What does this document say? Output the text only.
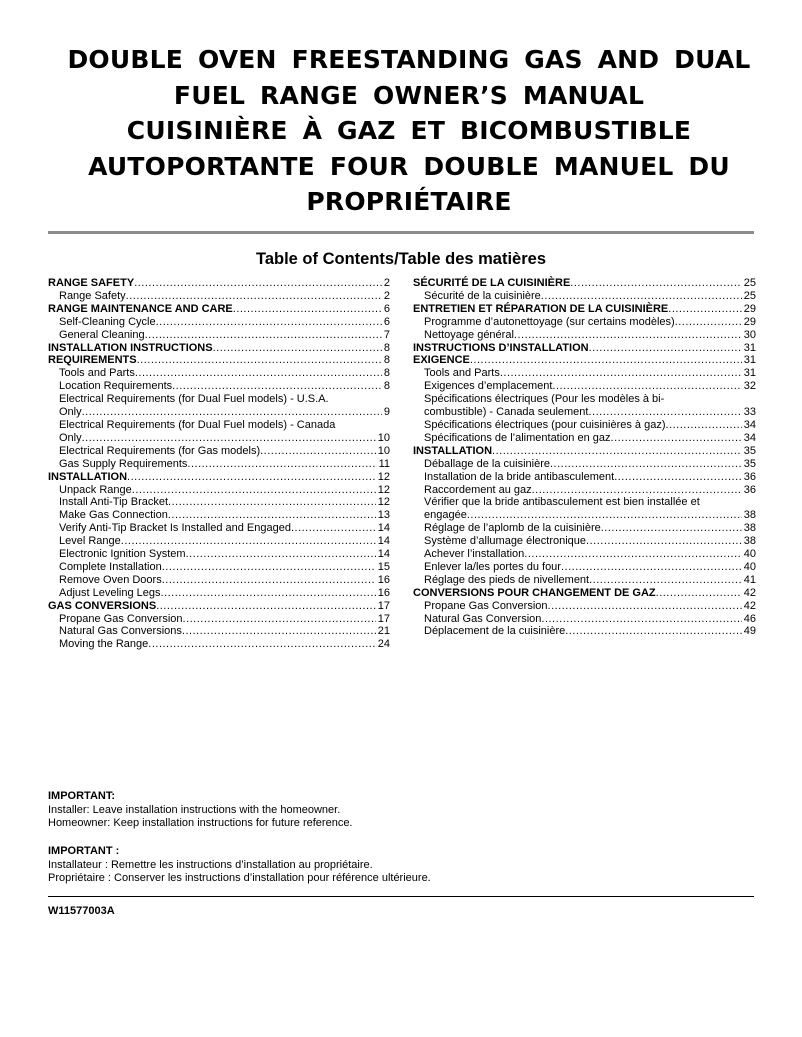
DOUBLE OVEN FREESTANDING GAS AND DUAL
FUEL RANGE OWNER’S MANUAL
CUISINIÈRE À GAZ ET BICOMBUSTIBLE
AUTOPORTANTE FOUR DOUBLE MANUEL DU
PROPRIÉTAIRE
Table of Contents/Table des matières
RANGE SAFETY .....	2
Range Safety .....	2
RANGE MAINTENANCE AND CARE .....	6
Self-Cleaning Cycle .....	6
General Cleaning .....	7
INSTALLATION INSTRUCTIONS .....	8
REQUIREMENTS .....	8
Tools and Parts .....	8
Location Requirements .....	8
Electrical Requirements (for Dual Fuel models) - U.S.A.
Only .....	9
Electrical Requirements (for Dual Fuel models) - Canada
Only .....	10
Electrical Requirements (for Gas models) .....	10
Gas Supply Requirements .....	11
INSTALLATION .....	12
Unpack Range .....	12
Install Anti-Tip Bracket .....	12
Make Gas Connection .....	13
Verify Anti-Tip Bracket Is Installed and Engaged .....	14
Level Range .....	14
Electronic Ignition System .....	14
Complete Installation .....	15
Remove Oven Doors .....	16
Adjust Leveling Legs .....	16
GAS CONVERSIONS .....	17
Propane Gas Conversion .....	17
Natural Gas Conversions .....	21
Moving the Range .....	24
SÉCURITÉ DE LA CUISINIÈRE .....	25
Sécurité de la cuisinière .....	25
ENTRETIEN ET RÉPARATION DE LA CUISINIÈRE .....	29
Programme d’autonettoyage (sur certains modèles) .....	29
Nettoyage général .....	30
INSTRUCTIONS D’INSTALLATION .....	31
EXIGENCE .....	31
Tools and Parts .....	31
Exigences d’emplacement .....	32
Spécifications électriques (Pour les modèles à bi-
combustible) - Canada seulement .....	33
Spécifications électriques (pour cuisinières à gaz) .....	34
Spécifications de l’alimentation en gaz .....	34
INSTALLATION .....	35
Déballage de la cuisinière .....	35
Installation de la bride antibasculement .....	36
Raccordement au gaz .....	36
Vérifier que la bride antibasculement est bien installée et
engagée .....	38
Réglage de l’aplomb de la cuisinière .....	38
Système d’allumage électronique .....	38
Achever l’installation .....	40
Enlever la/les portes du four .....	40
Réglage des pieds de nivellement .....	41
CONVERSIONS POUR CHANGEMENT DE GAZ .....	42
Propane Gas Conversion .....	42
Natural Gas Conversion .....	46
Déplacement de la cuisinière .....	49
IMPORTANT:
Installer: Leave installation instructions with the homeowner.
Homeowner: Keep installation instructions for future reference.
IMPORTANT :
Installateur : Remettre les instructions d’installation au propriétaire.
Propriétaire : Conserver les instructions d’installation pour référence ultérieure.
W11577003A
